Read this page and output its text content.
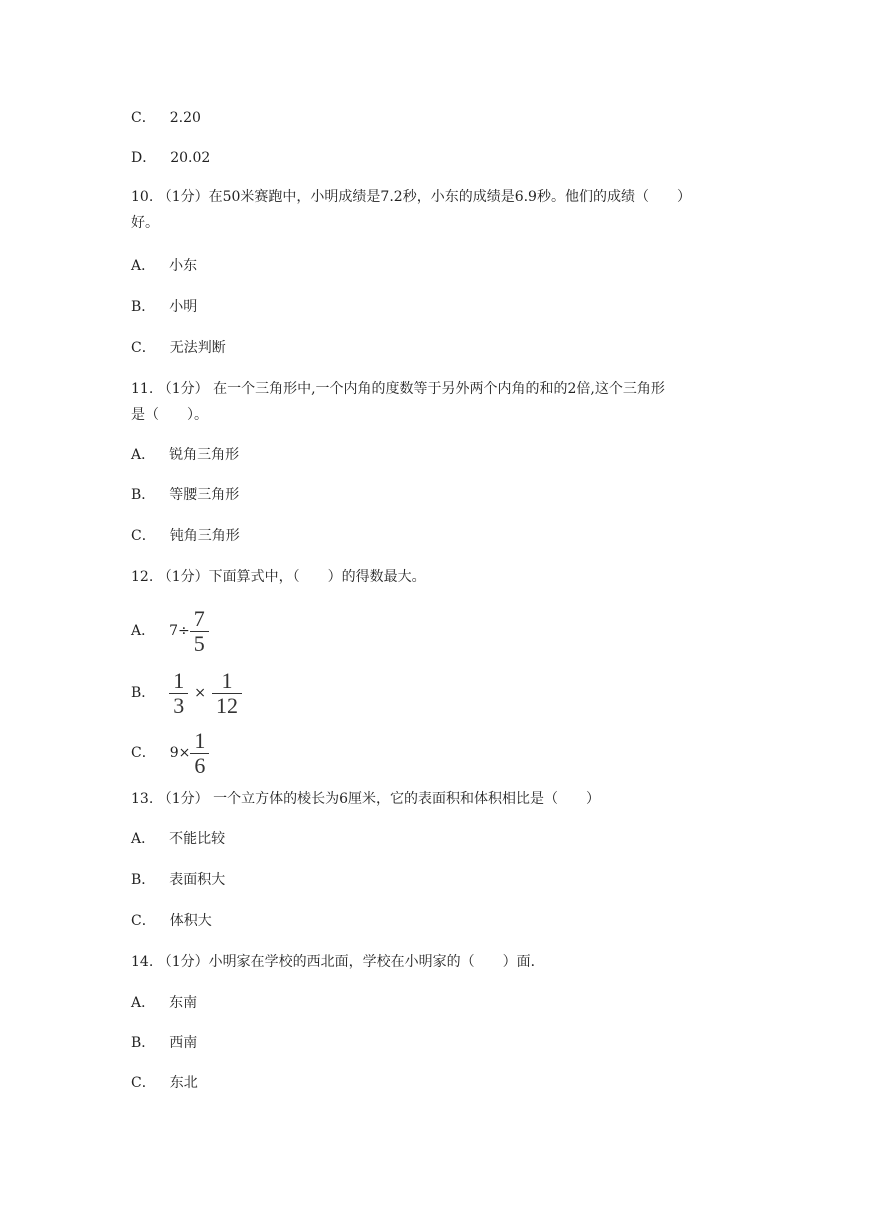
C． 2.20
D． 20.02
10. （1分）在50米赛跑中，小明成绩是7.2秒，小东的成绩是6.9秒。他们的成绩（　　）
好。
A． 小东
B． 小明
C． 无法判断
11. （1分） 在一个三角形中,一个内角的度数等于另外两个内角的和的2倍,这个三角形
是（　　）。
A． 锐角三角形
B． 等腰三角形
C． 钝角三角形
12. （1分）下面算式中，（　　）的得数最大。
A． $7\div \frac{7}{5}$
B． $\frac{1}{3} \times \frac{1}{12}$
C． $9\times \frac{1}{6}$
13. （1分） 一个立方体的棱长为6厘米，它的表面积和体积相比是（　　）
A． 不能比较
B． 表面积大
C． 体积大
14. （1分）小明家在学校的西北面，学校在小明家的（　　）面．
A． 东南
B． 西南
C． 东北
